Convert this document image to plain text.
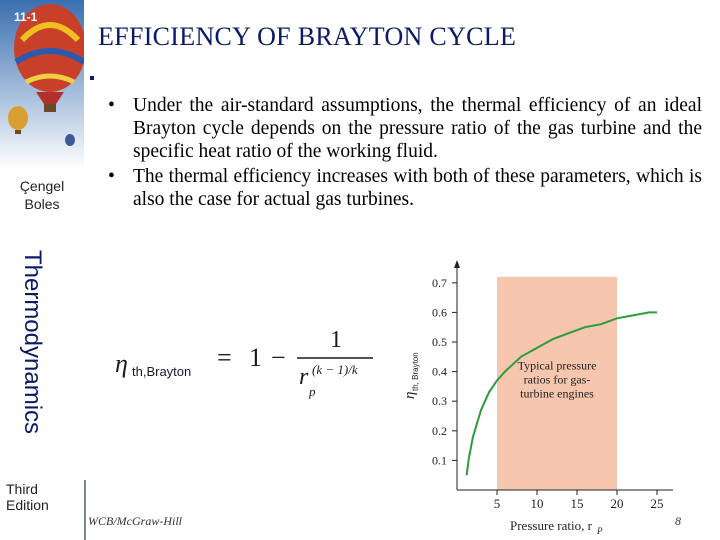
11-1
Çengel
Boles
Thermodynamics
Third Edition
EFFICIENCY OF BRAYTON CYCLE
• Under the air-standard assumptions, the thermal efficiency of an ideal Brayton cycle depends on the pressure ratio of the gas turbine and the specific heat ratio of the working fluid.
• The thermal efficiency increases with both of these parameters, which is also the case for actual gas turbines.
η th,Brayton = 1 −
1
r
p
(k − 1)/k	Typical pressure
ratios for gas-
turbine engines
0.1
0.2
0.3
0.4
0.5
0.6
0.7
5 10 15 20 25
Pressure ratio, r P
η
th, Brayton
WCB/McGraw-Hill	8
